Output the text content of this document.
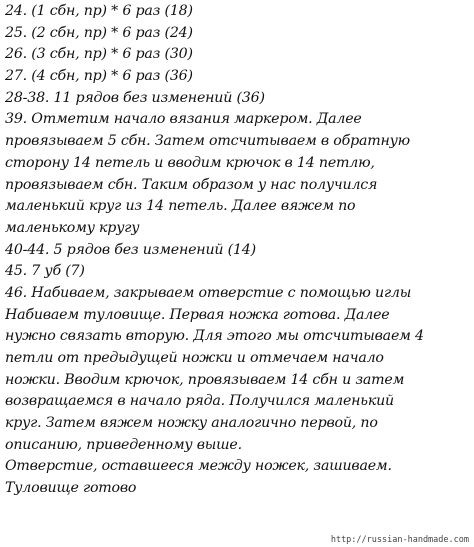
24. (1 сбн, пр) * 6 раз (18)
25. (2 сбн, пр) * 6 раз (24)
26. (3 сбн, пр) * 6 раз (30)
27. (4 сбн, пр) * 6 раз (36)
28-38. 11 рядов без изменений (36)
39. Отметим начало вязания маркером. Далее
провязываем 5 сбн. Затем отсчитываем в обратную
сторону 14 петель и вводим крючок в 14 петлю,
провязываем сбн. Таким образом у нас получился
маленький круг из 14 петель. Далее вяжем по
маленькому кругу
40-44. 5 рядов без изменений (14)
45. 7 уб (7)
46. Набиваем, закрываем отверстие с помощью иглы
Набиваем туловище. Первая ножка готова. Далее
нужно связать вторую. Для этого мы отсчитываем 4
петли от предыдущей ножки и отмечаем начало
ножки. Вводим крючок, провязываем 14 сбн и затем
возвращаемся в начало ряда. Получился маленький
круг. Затем вяжем ножку аналогично первой, по
описанию, приведенному выше.
Отверстие, оставшееся между ножек, зашиваем.
Туловище готово
http://russian-handmade.com
